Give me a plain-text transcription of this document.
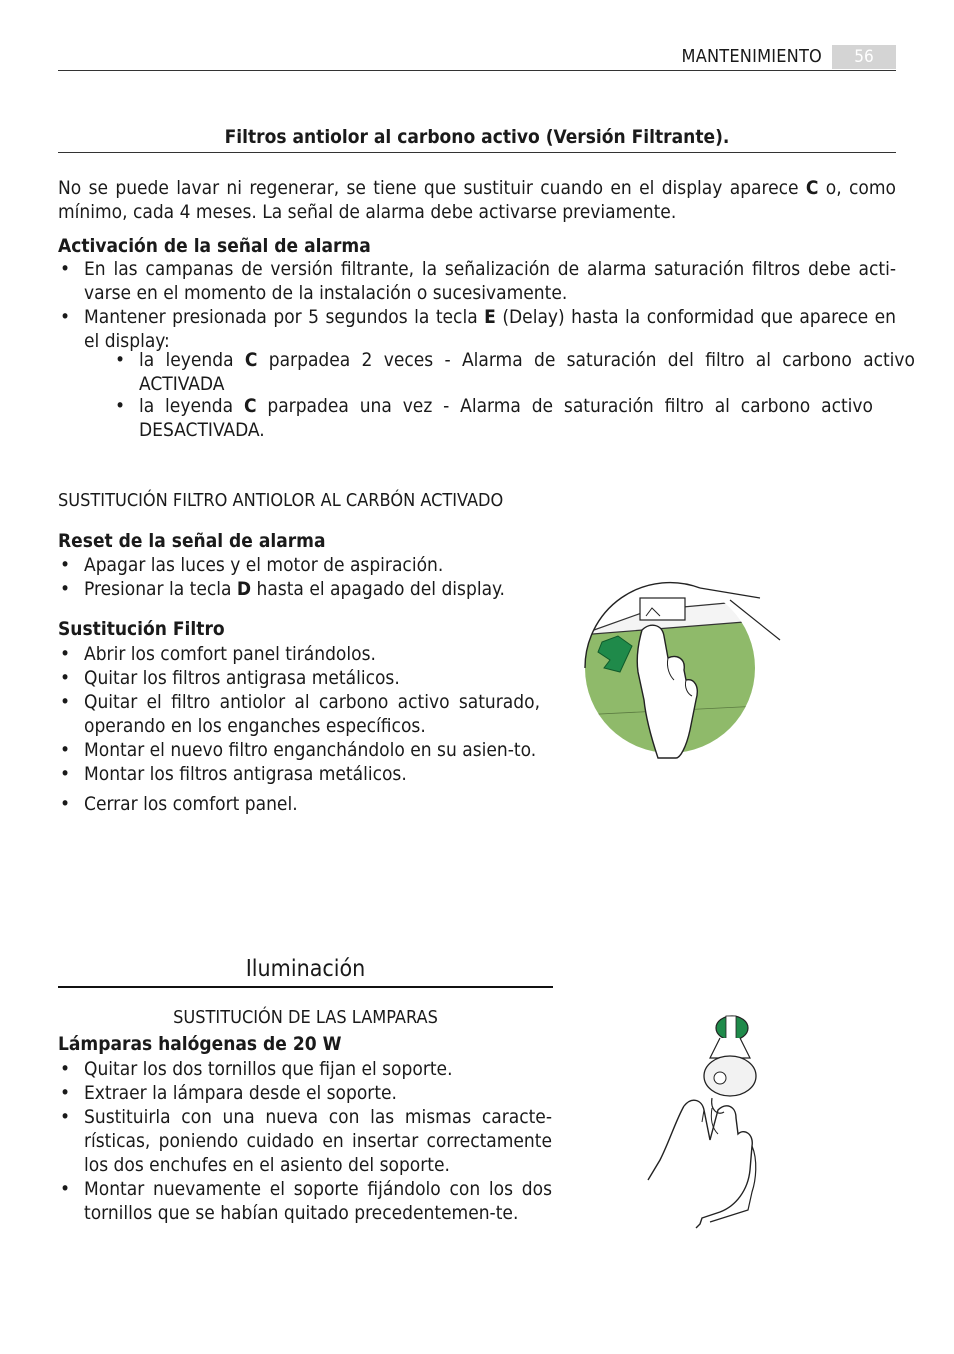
MANTENIMIENTO	56
Filtros antiolor al carbono activo (Versión Filtrante).
No se puede lavar ni regenerar, se tiene que sustituir cuando en el display aparece C o, como mínimo, cada 4 meses. La señal de alarma debe activarse previamente.
Activación de la señal de alarma
• En las campanas de versión filtrante, la señalización de alarma saturación filtros debe acti-varse en el momento de la instalación o sucesivamente.
• Mantener presionada por 5 segundos la tecla E (Delay) hasta la conformidad que aparece en el display:
• la leyenda C parpadea 2 veces - Alarma de saturación del filtro al carbono activo ACTIVADA
• la leyenda C parpadea una vez - Alarma de saturación filtro al carbono activo DESACTIVADA.
SUSTITUCIÓN FILTRO ANTIOLOR AL CARBÓN ACTIVADO
Reset de la señal de alarma
• Apagar las luces y el motor de aspiración.
• Presionar la tecla D hasta el apagado del display.
Sustitución Filtro
• Abrir los comfort panel tirándolos.
• Quitar los filtros antigrasa metálicos.
• Quitar el filtro antiolor al carbono activo saturado, operando en los enganches específicos.
• Montar el nuevo filtro enganchándolo en su asien-to.
• Montar los filtros antigrasa metálicos.
• Cerrar los comfort panel.
Iluminación
SUSTITUCIÓN DE LAS LAMPARAS
Lámparas halógenas de 20 W
• Quitar los dos tornillos que fijan el soporte.
• Extraer la lámpara desde el soporte.
• Sustituirla con una nueva con las mismas caracte-rísticas, poniendo cuidado en insertar correctamente los dos enchufes en el asiento del soporte.
• Montar nuevamente el soporte fijándolo con los dos tornillos que se habían quitado precedentemen-te.
